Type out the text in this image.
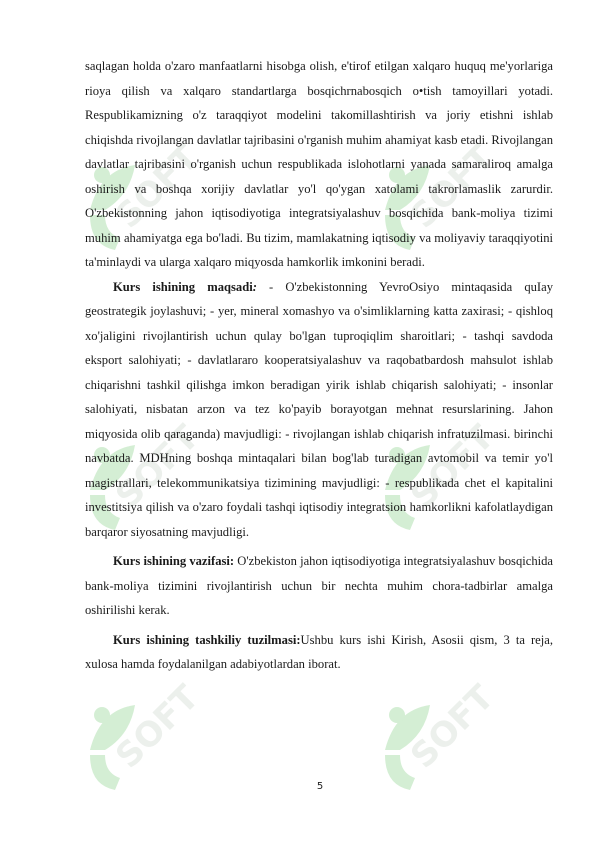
SOFT	SOFT
SOFT	SOFT
SOFT	SOFT

saqlagan holda o'zaro manfaatlarni hisobga olish, e'tirof etilgan xalqaro huquq me'yorlariga rioya qilish va xalqaro standartlarga bosqichrnabosqich o•tish tamoyillari yotadi. Respublikamizning o'z taraqqiyot modelini takomillashtirish va joriy etishni ishlab chiqishda rivojlangan davlatlar tajribasini o'rganish muhim ahamiyat kasb etadi. Rivojlangan davlatlar tajribasini o'rganish uchun respublikada islohotlarni yanada samaraliroq amalga oshirish va boshqa xorijiy davlatlar yo'l qo'ygan xatolami takrorlamaslik zarurdir. O'zbekistonning jahon iqtisodiyotiga integratsiyalashuv bosqichida bank-moliya tizimi muhim ahamiyatga ega bo'ladi. Bu tizim, mamlakatning iqtisodiy va moliyaviy taraqqiyotini ta'minlaydi va ularga xalqaro miqyosda hamkorlik imkonini beradi.

Kurs ishining maqsadi: - O'zbekistonning YevroOsiyo mintaqasida quIay geostrategik joylashuvi; - yer, mineral xomashyo va o'simliklarning katta zaxirasi; - qishloq xo'jaligini rivojlantirish uchun qulay bo'lgan tuproqiqlim sharoitlari; - tashqi savdoda eksport salohiyati; - davlatlararo kooperatsiyalashuv va raqobatbardosh mahsulot ishlab chiqarishni tashkil qilishga imkon beradigan yirik ishlab chiqarish salohiyati; - insonlar salohiyati, nisbatan arzon va tez ko'payib borayotgan mehnat resurslarining. Jahon miqyosida olib qaraganda) mavjudligi: - rivojlangan ishlab chiqarish infratuzilmasi. birinchi navbatda. MDHning boshqa mintaqalari bilan bog'lab turadigan avtomobil va temir yo'l magistrallari, telekommunikatsiya tizimining mavjudligi: - respublikada chet el kapitalini investitsiya qilish va o'zaro foydali tashqi iqtisodiy integratsion hamkorlikni kafolatlaydigan barqaror siyosatning mavjudligi.

Kurs ishining vazifasi: O'zbekiston jahon iqtisodiyotiga integratsiyalashuv bosqichida bank-moliya tizimini rivojlantirish uchun bir nechta muhim chora-tadbirlar amalga oshirilishi kerak.

Kurs ishining tashkiliy tuzilmasi:Ushbu kurs ishi Kirish, Asosii qism, 3 ta reja, xulosa hamda foydalanilgan adabiyotlardan iborat.

5
